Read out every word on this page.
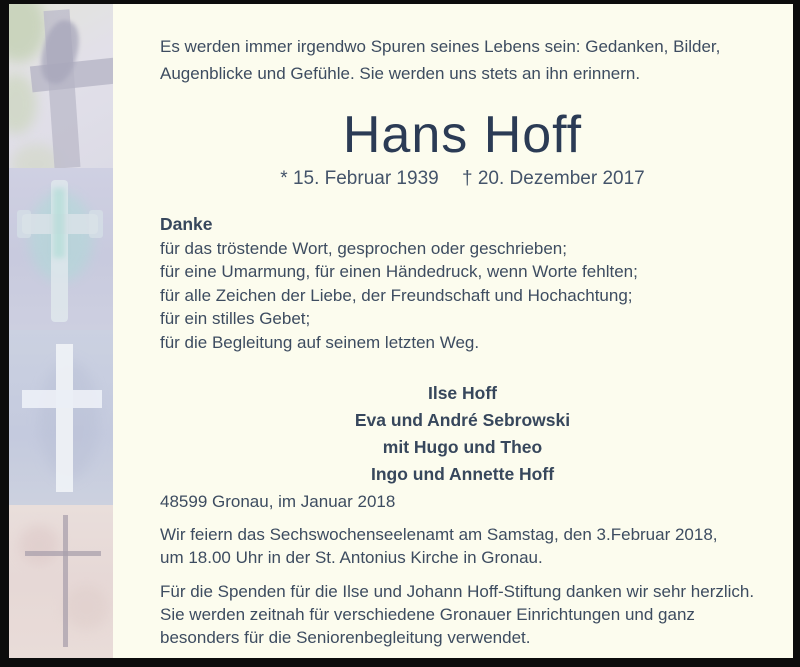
Es werden immer irgendwo Spuren seines Lebens sein: Gedanken, Bilder,
Augenblicke und Gefühle. Sie werden uns stets an ihn erinnern.
Hans Hoff
* 15. Februar 1939 † 20. Dezember 2017
Danke
für das tröstende Wort, gesprochen oder geschrieben;
für eine Umarmung, für einen Händedruck, wenn Worte fehlten;
für alle Zeichen der Liebe, der Freundschaft und Hochachtung;
für ein stilles Gebet;
für die Begleitung auf seinem letzten Weg.
Ilse Hoff
Eva und André Sebrowski
mit Hugo und Theo
Ingo und Annette Hoff
48599 Gronau, im Januar 2018
Wir feiern das Sechswochenseelenamt am Samstag, den 3.Februar 2018,
um 18.00 Uhr in der St. Antonius Kirche in Gronau.
Für die Spenden für die Ilse und Johann Hoff-Stiftung danken wir sehr herzlich.
Sie werden zeitnah für verschiedene Gronauer Einrichtungen und ganz
besonders für die Seniorenbegleitung verwendet.
